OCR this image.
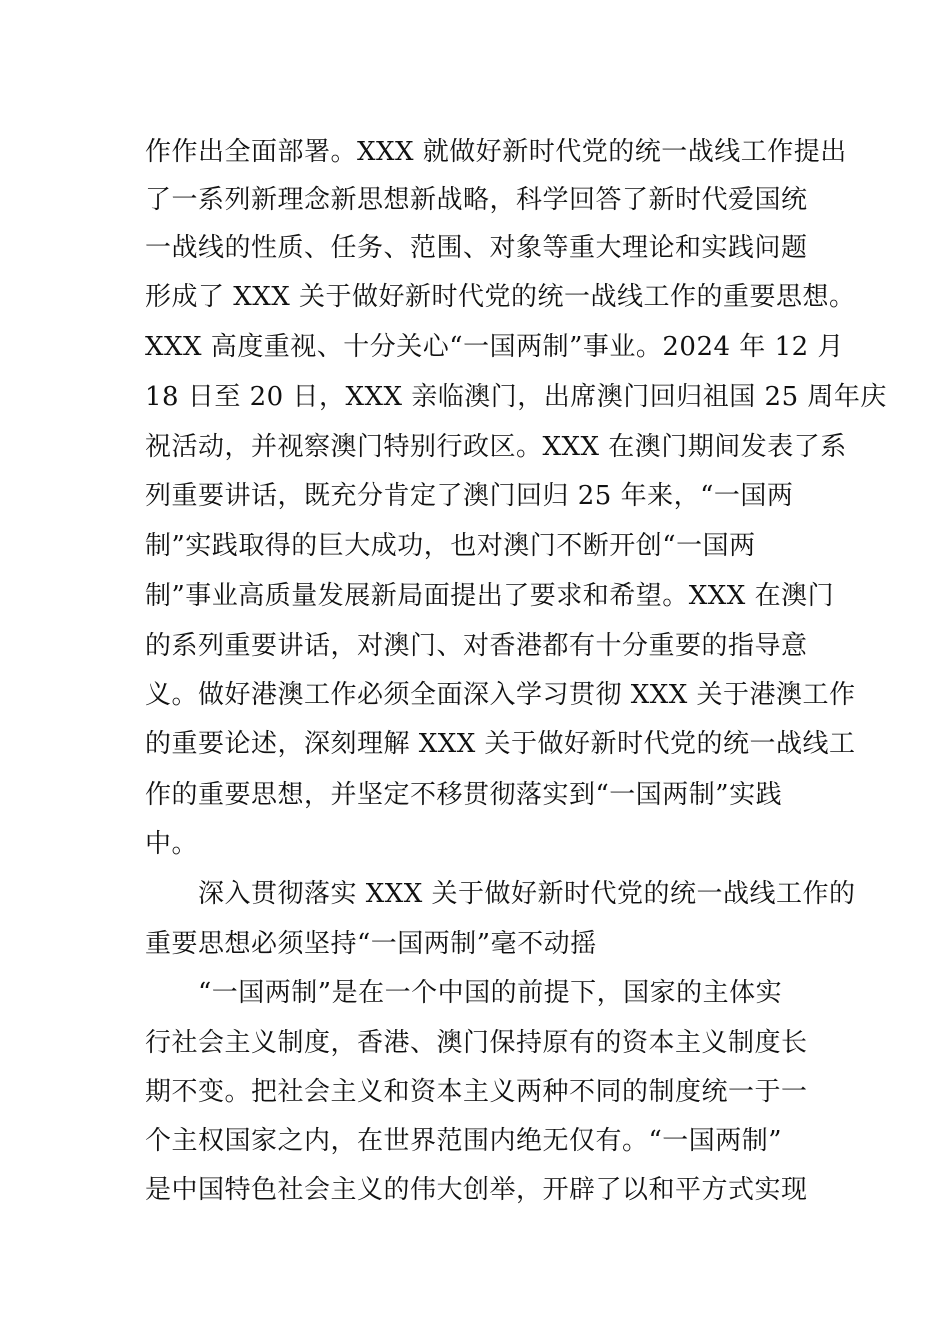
作作出全面部署。XXX 就做好新时代党的统一战线工作提出
了一系列新理念新思想新战略，科学回答了新时代爱国统
一战线的性质、任务、范围、对象等重大理论和实践问题
形成了 XXX 关于做好新时代党的统一战线工作的重要思想。
XXX 高度重视、十分关心“一国两制”事业。2024 年 12 月
18 日至 20 日，XXX 亲临澳门，出席澳门回归祖国 25 周年庆
祝活动，并视察澳门特别行政区。XXX 在澳门期间发表了系
列重要讲话，既充分肯定了澳门回归 25 年来，“一国两
制”实践取得的巨大成功，也对澳门不断开创“一国两
制”事业高质量发展新局面提出了要求和希望。XXX 在澳门
的系列重要讲话，对澳门、对香港都有十分重要的指导意
义。做好港澳工作必须全面深入学习贯彻 XXX 关于港澳工作
的重要论述，深刻理解 XXX 关于做好新时代党的统一战线工
作的重要思想，并坚定不移贯彻落实到“一国两制”实践
中。
深入贯彻落实 XXX 关于做好新时代党的统一战线工作的
重要思想必须坚持“一国两制”毫不动摇
“一国两制”是在一个中国的前提下，国家的主体实
行社会主义制度，香港、澳门保持原有的资本主义制度长
期不变。把社会主义和资本主义两种不同的制度统一于一
个主权国家之内，在世界范围内绝无仅有。“一国两制”
是中国特色社会主义的伟大创举，开辟了以和平方式实现
